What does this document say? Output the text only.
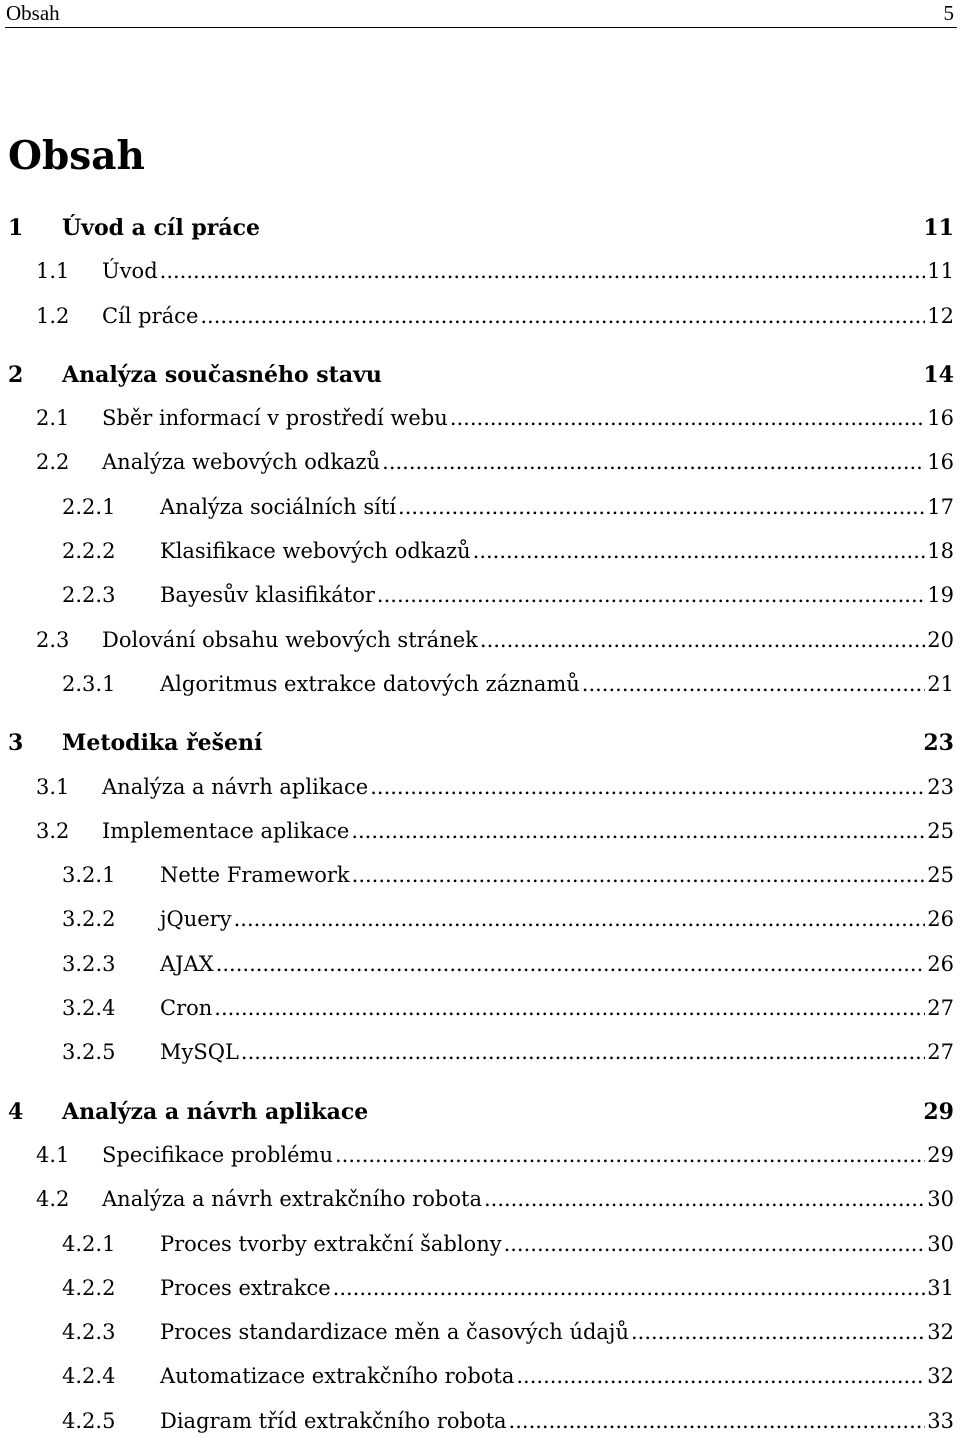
Obsah	5
Obsah
1 Úvod a cíl práce	11
1.1 Úvod .....	11
1.2 Cíl práce .....	12
2 Analýza současného stavu	14
2.1 Sběr informací v prostředí webu .....	16
2.2 Analýza webových odkazů .....	16
2.2.1 Analýza sociálních sítí .....	17
2.2.2 Klasifikace webových odkazů .....	18
2.2.3 Bayesův klasifikátor .....	19
2.3 Dolování obsahu webových stránek .....	20
2.3.1 Algoritmus extrakce datových záznamů .....	21
3 Metodika řešení	23
3.1 Analýza a návrh aplikace .....	23
3.2 Implementace aplikace .....	25
3.2.1 Nette Framework .....	25
3.2.2 jQuery .....	26
3.2.3 AJAX .....	26
3.2.4 Cron .....	27
3.2.5 MySQL .....	27
4 Analýza a návrh aplikace	29
4.1 Specifikace problému .....	29
4.2 Analýza a návrh extrakčního robota .....	30
4.2.1 Proces tvorby extrakční šablony .....	30
4.2.2 Proces extrakce .....	31
4.2.3 Proces standardizace měn a časových údajů .....	32
4.2.4 Automatizace extrakčního robota .....	32
4.2.5 Diagram tříd extrakčního robota .....	33
